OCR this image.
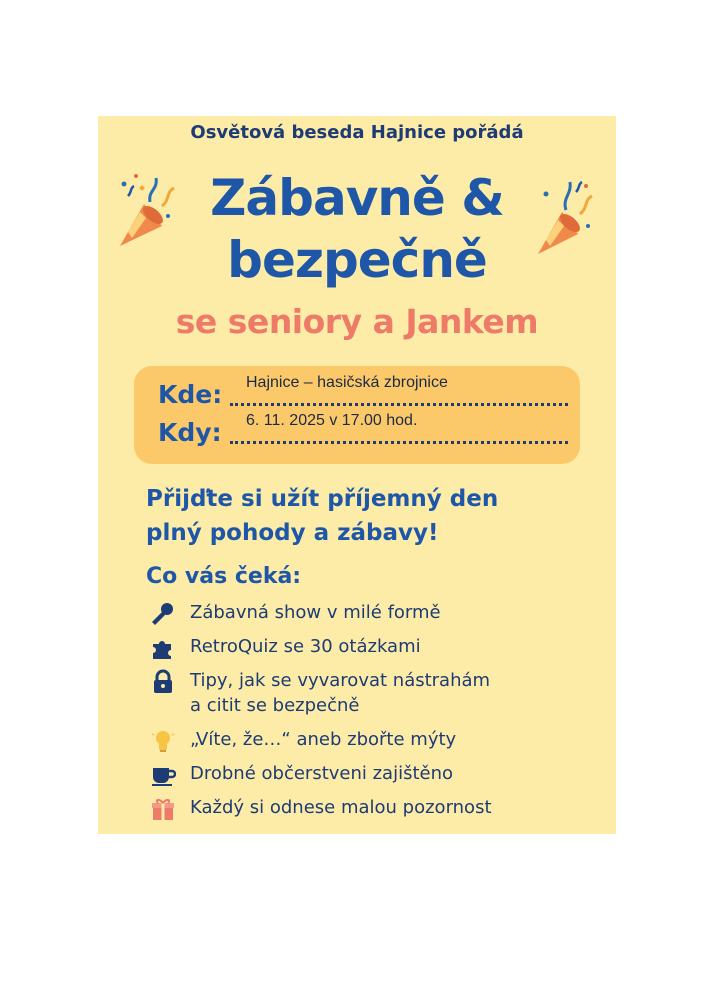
Osvětová beseda Hajnice pořádá
Zábavně &
bezpečně
se seniory a Jankem
Kde: Hajnice – hasičská zbrojnice
Kdy: 6. 11. 2025 v 17.00 hod.
Přijďte si užít příjemný den
plný pohody a zábavy!
Co vás čeká:
Zábavná show v milé formě
RetroQuiz se 30 otázkami
Tipy, jak se vyvarovat nástrahám
a citit se bezpečně
„Víte, že…“ aneb zbořte mýty
Drobné občerstveni zajištěno
Každý si odnese malou pozornost
